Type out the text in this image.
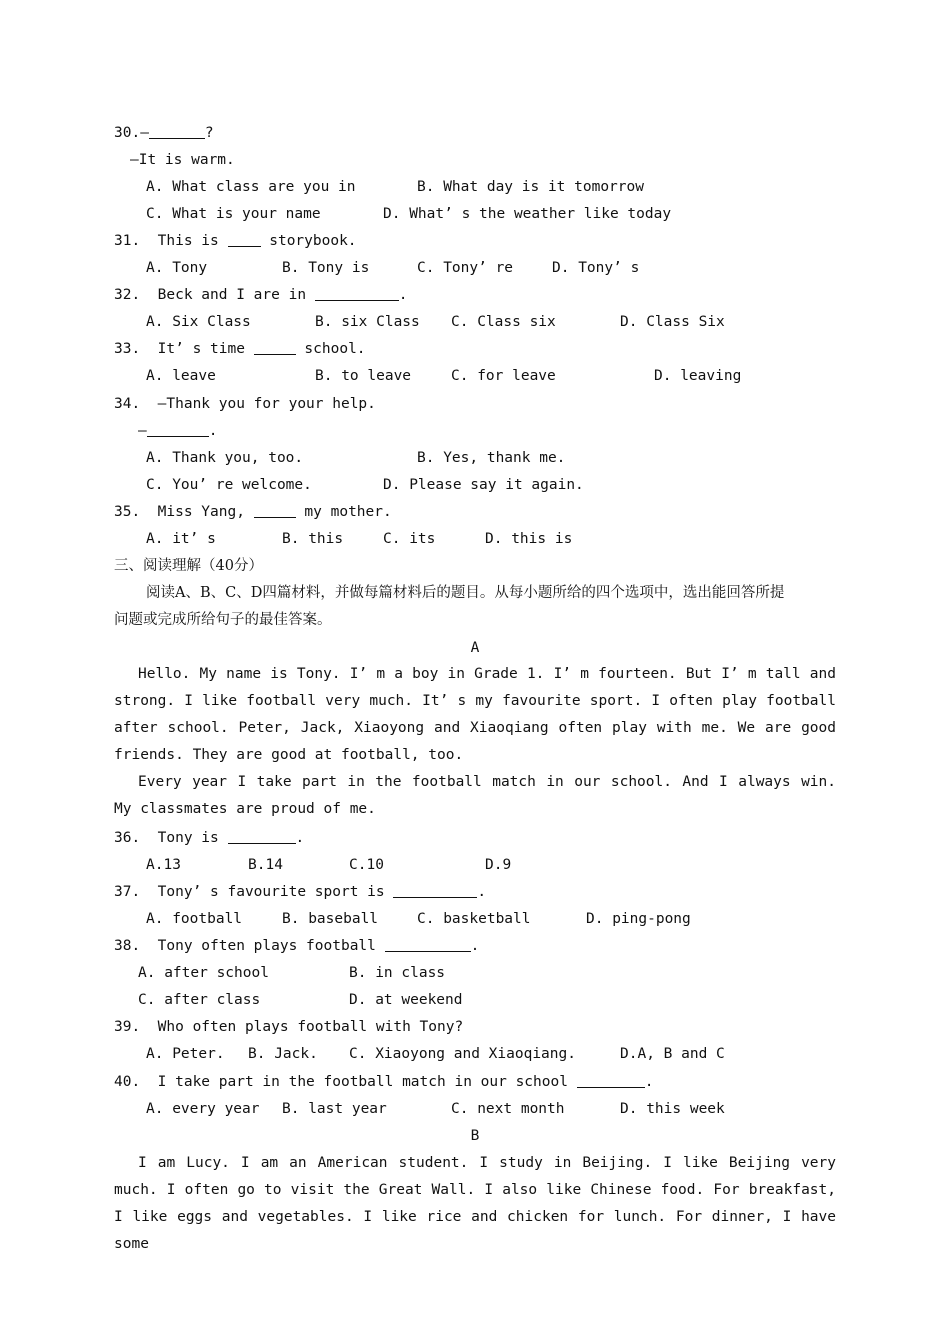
30.—	?
—It is warm.
A. What class are you in	B. What day is it tomorrow
C. What is your name	D. What’ s the weather like today
31.  This is	storybook.
A. Tony	B. Tony is	C. Tony’ re	D. Tony’ s
32.  Beck and I are in	.
A. Six Class	B. six Class C. Class six	D. Class Six
33.  It’ s time	school.
A. leave	B. to leave	C. for leave	D. leaving
34.  —Thank you for your help.
—	.
A. Thank you, too.	B. Yes, thank me.
C. You’ re welcome.	D. Please say it again.
35.  Miss Yang,	my mother.
A. it’ s	B. this	C. its	D. this is
三、阅读理解（40分）
阅读A、B、C、D四篇材料，并做每篇材料后的题目。从每小题所给的四个选项中，选出能回答所提
问题或完成所给句子的最佳答案。
A
Hello. My name is Tony. I’ m a boy in Grade 1. I’ m fourteen. But I’ m tall and strong. I like football very much. It’ s my favourite sport. I often play football after school. Peter, Jack, Xiaoyong and Xiaoqiang often play with me. We are good friends. They are good at football, too.
Every year I take part in the football match in our school. And I always win. My classmates are proud of me.
36.  Tony is	.
A.13	B.14	C.10	D.9
37.  Tony’ s favourite sport is	.
A. football	B. baseball	C. basketball	D. ping-pong
38.  Tony often plays football	.
A. after school	B. in class
C. after class	D. at weekend
39.  Who often plays football with Tony?
A. Peter. B. Jack. C. Xiaoyong and Xiaoqiang.	D.A, B and C
40.  I take part in the football match in our school	.
A. every year B. last year	C. next month	D. this week
B
I am Lucy. I am an American student. I study in Beijing. I like Beijing very much. I often go to visit the Great Wall. I also like Chinese food. For breakfast, I like eggs and vegetables. I like rice and chicken for lunch. For dinner, I have some
